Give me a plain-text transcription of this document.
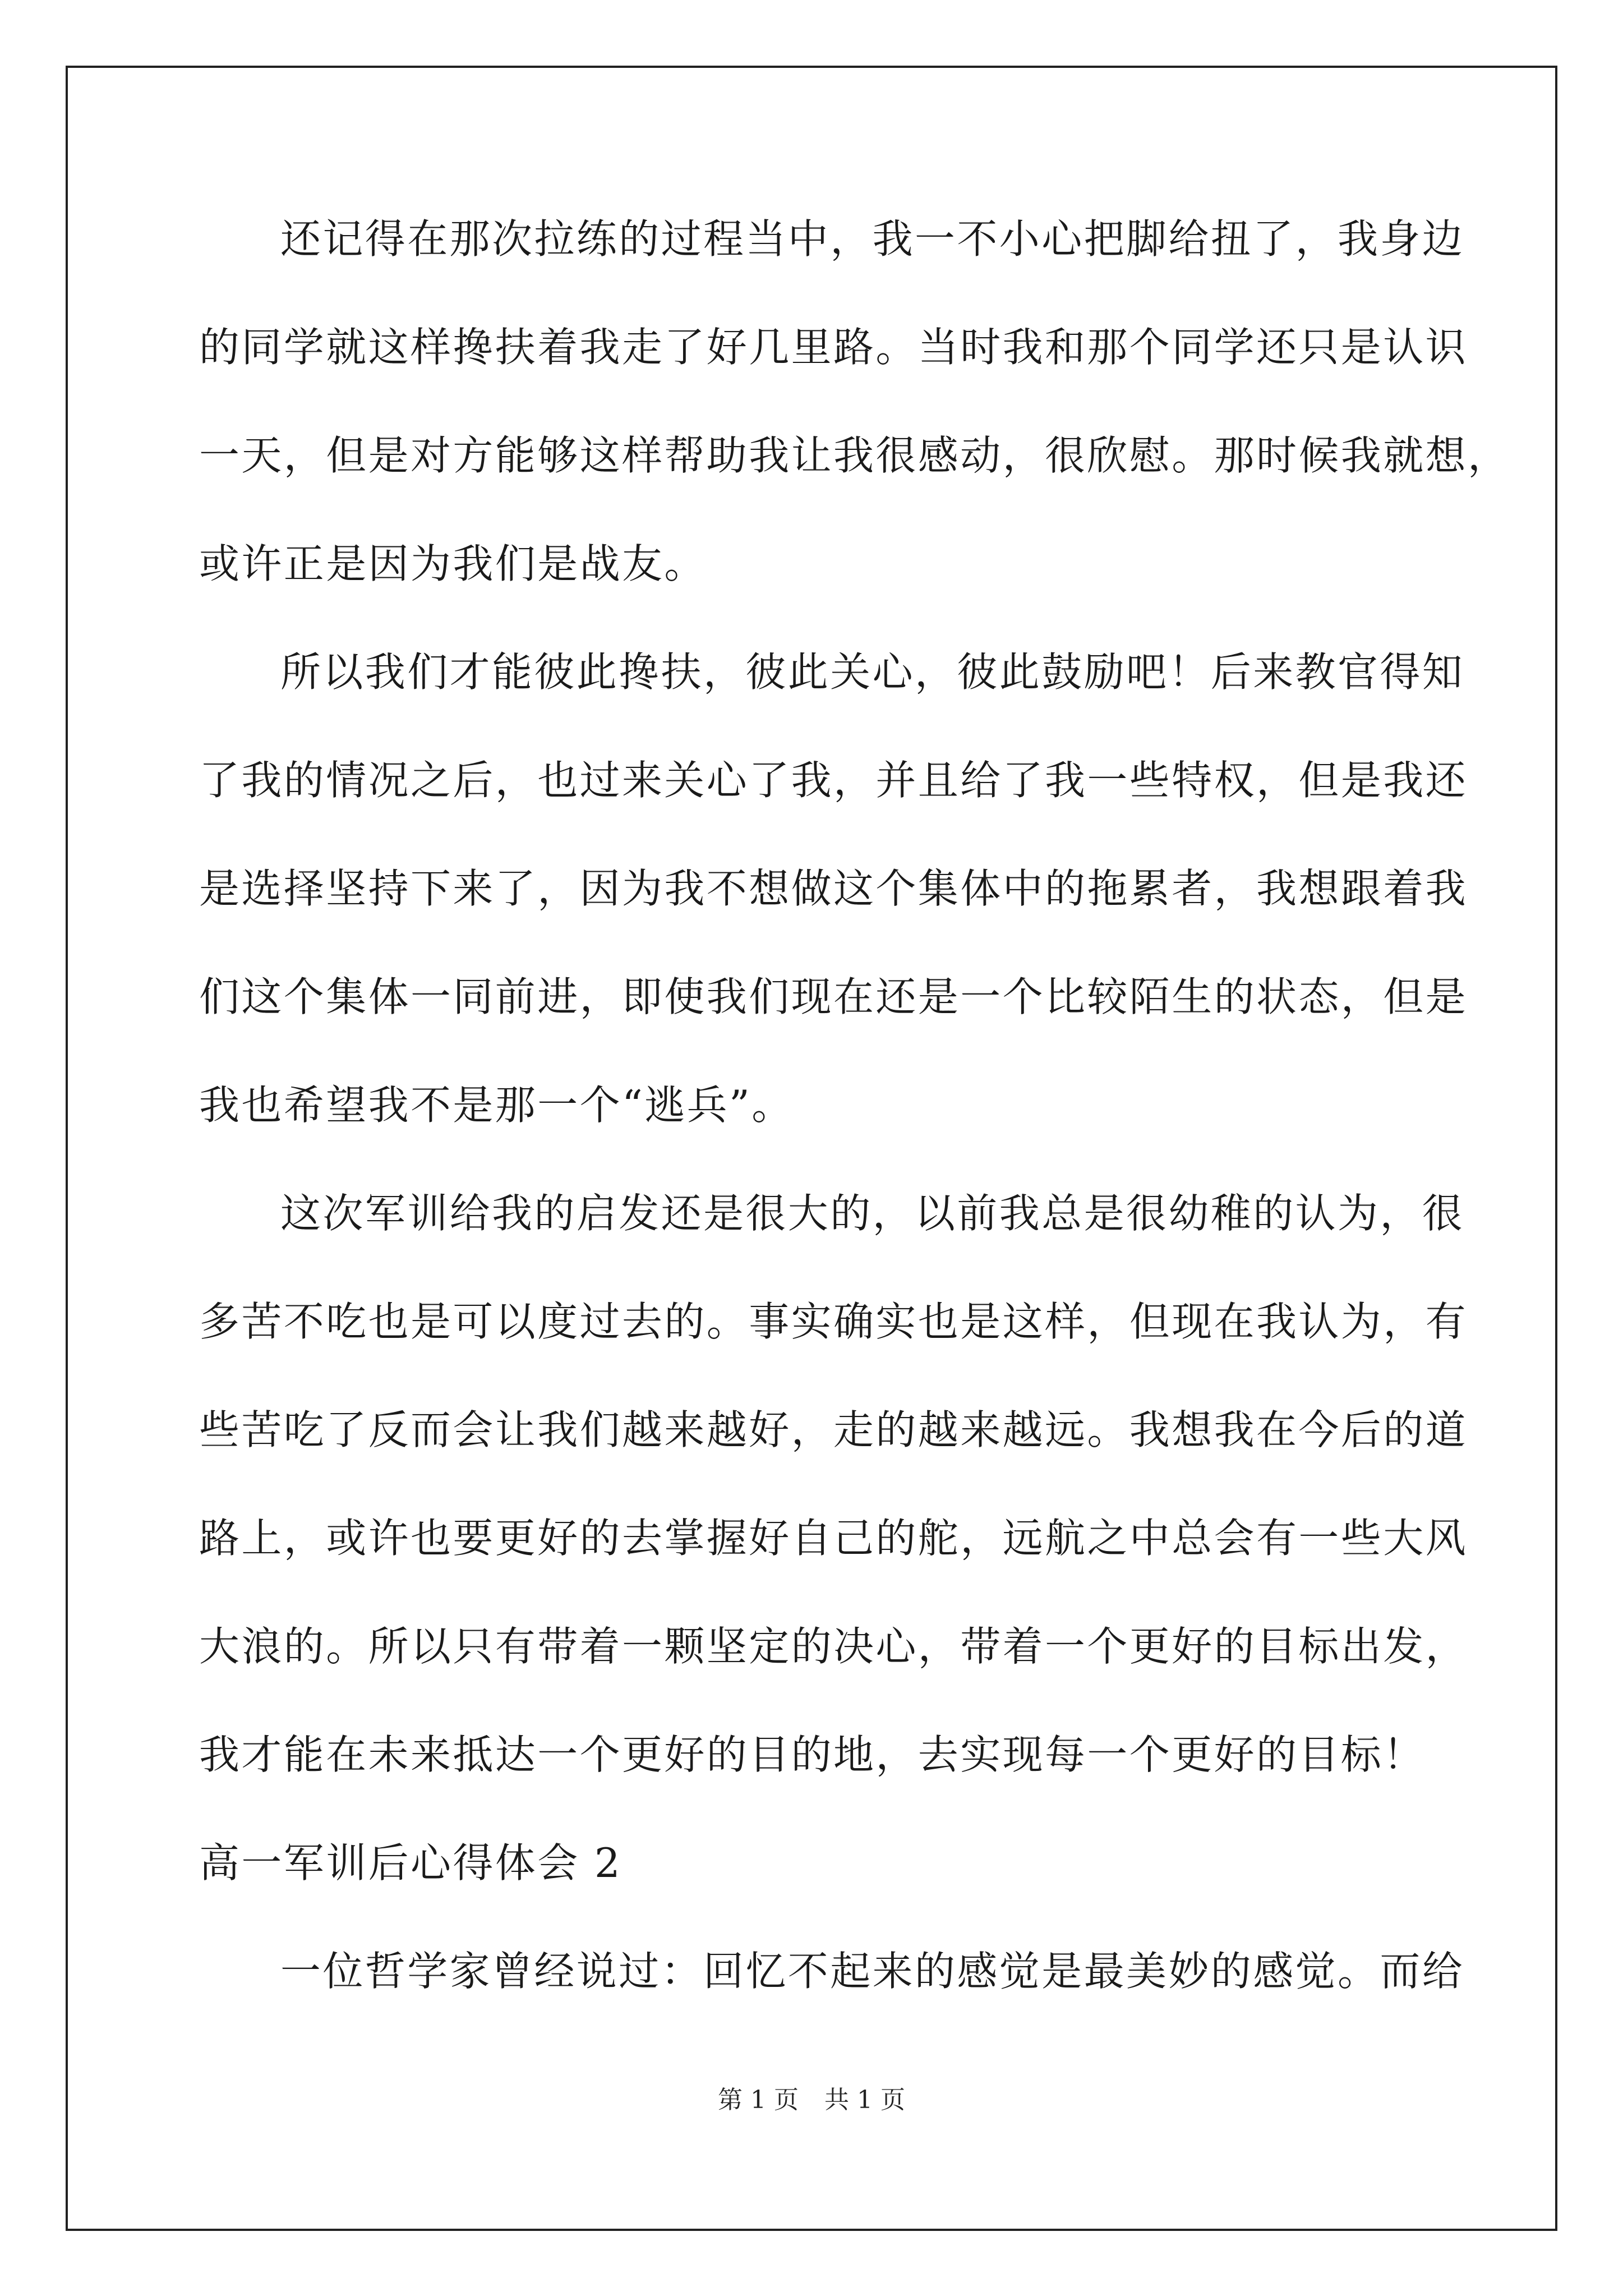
还记得在那次拉练的过程当中，我一不小心把脚给扭了，我身边
的同学就这样搀扶着我走了好几里路。当时我和那个同学还只是认识
一天，但是对方能够这样帮助我让我很感动，很欣慰。那时候我就想，
或许正是因为我们是战友。
所以我们才能彼此搀扶，彼此关心，彼此鼓励吧！后来教官得知
了我的情况之后，也过来关心了我，并且给了我一些特权，但是我还
是选择坚持下来了，因为我不想做这个集体中的拖累者，我想跟着我
们这个集体一同前进，即使我们现在还是一个比较陌生的状态，但是
我也希望我不是那一个“逃兵”。
这次军训给我的启发还是很大的，以前我总是很幼稚的认为，很
多苦不吃也是可以度过去的。事实确实也是这样，但现在我认为，有
些苦吃了反而会让我们越来越好，走的越来越远。我想我在今后的道
路上，或许也要更好的去掌握好自己的舵，远航之中总会有一些大风
大浪的。所以只有带着一颗坚定的决心，带着一个更好的目标出发，
我才能在未来抵达一个更好的目的地，去实现每一个更好的目标！
高一军训后心得体会 2
一位哲学家曾经说过：回忆不起来的感觉是最美妙的感觉。而给
第 1 页 共 1 页
